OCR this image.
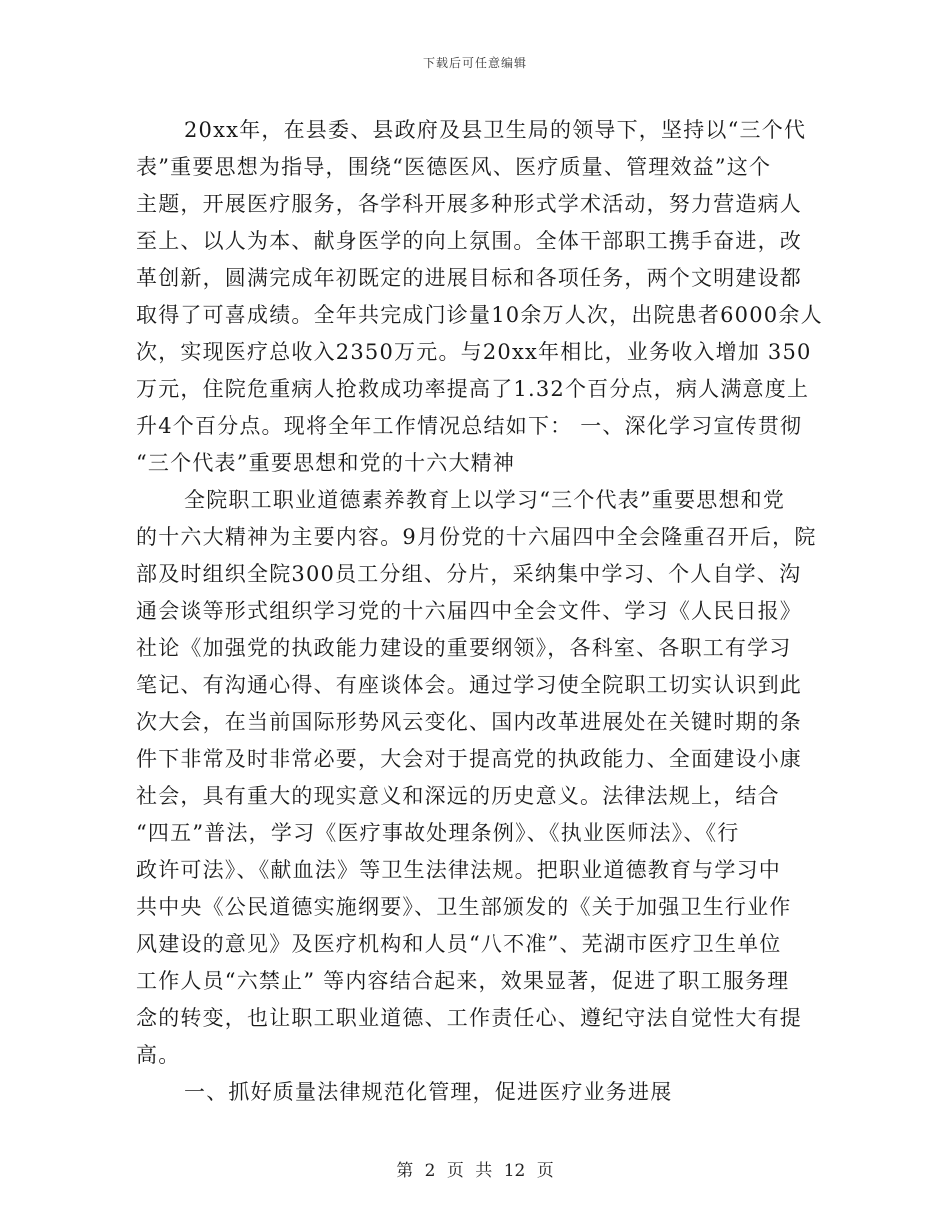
下载后可任意编辑
20xx年，在县委、县政府及县卫生局的领导下，坚持以“三个代
表”重要思想为指导，围绕“医德医风、医疗质量、管理效益”这个
主题，开展医疗服务，各学科开展多种形式学术活动，努力营造病人
至上、以人为本、献身医学的向上氛围。全体干部职工携手奋进，改
革创新，圆满完成年初既定的进展目标和各项任务，两个文明建设都
取得了可喜成绩。全年共完成门诊量10余万人次，出院患者6000余人
次，实现医疗总收入2350万元。与20xx年相比，业务收入增加 350
万元，住院危重病人抢救成功率提高了1.32个百分点，病人满意度上
升4个百分点。现将全年工作情况总结如下： 一、深化学习宣传贯彻
“三个代表”重要思想和党的十六大精神
全院职工职业道德素养教育上以学习“三个代表”重要思想和党
的十六大精神为主要内容。9月份党的十六届四中全会隆重召开后，院
部及时组织全院300员工分组、分片，采纳集中学习、个人自学、沟
通会谈等形式组织学习党的十六届四中全会文件、学习《人民日报》
社论《加强党的执政能力建设的重要纲领》，各科室、各职工有学习
笔记、有沟通心得、有座谈体会。通过学习使全院职工切实认识到此
次大会，在当前国际形势风云变化、国内改革进展处在关键时期的条
件下非常及时非常必要，大会对于提高党的执政能力、全面建设小康
社会，具有重大的现实意义和深远的历史意义。法律法规上，结合
“四五”普法，学习《医疗事故处理条例》、《执业医师法》、《行
政许可法》、《献血法》等卫生法律法规。把职业道德教育与学习中
共中央《公民道德实施纲要》、卫生部颁发的《关于加强卫生行业作
风建设的意见》及医疗机构和人员“八不准”、芜湖市医疗卫生单位
工作人员“六禁止” 等内容结合起来，效果显著，促进了职工服务理
念的转变，也让职工职业道德、工作责任心、遵纪守法自觉性大有提
高。
一、抓好质量法律规范化管理，促进医疗业务进展
第 2 页 共 12 页
